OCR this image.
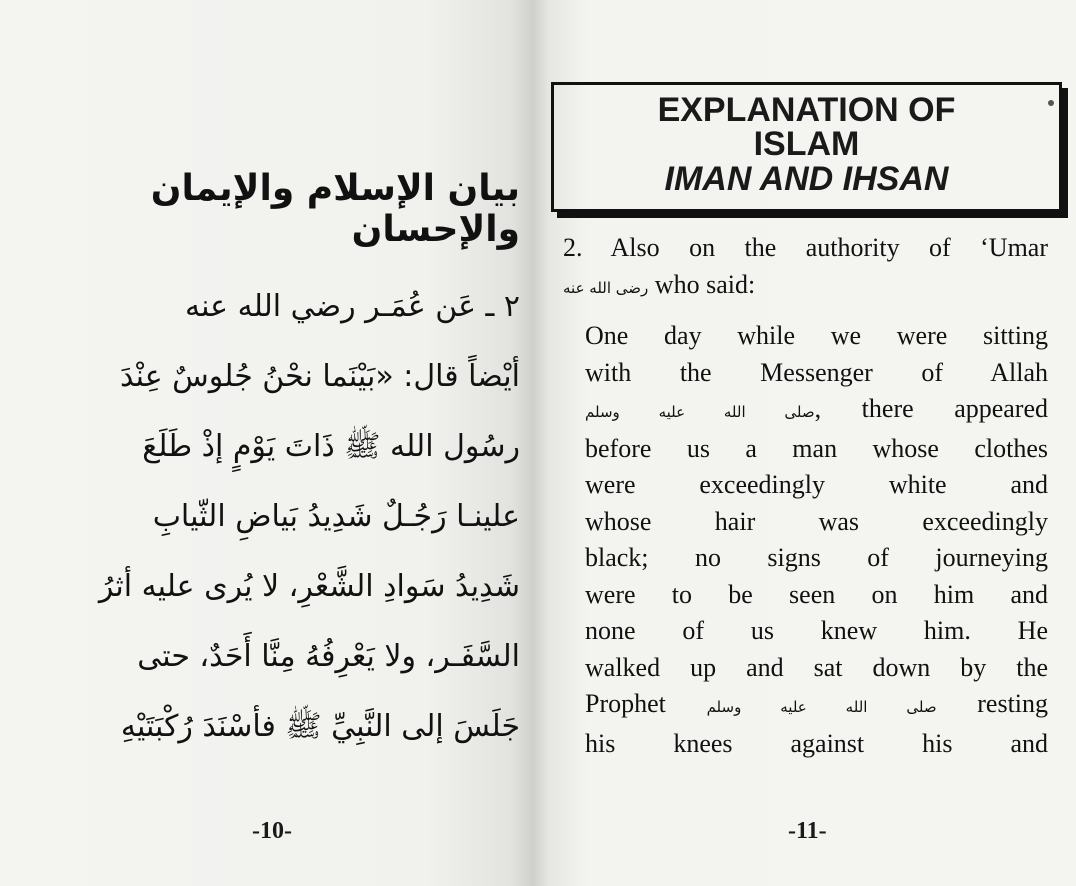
بيان الإسلام والإيمان والإحسان
٢ ـ عَن عُمَـر رضي الله عنه
أيْضاً قال: «بَيْنَما نحْنُ جُلوسٌ عِنْدَ
رسُول الله ﷺ ذَاتَ يَوْمٍ إذْ طَلَعَ
علينـا رَجُـلٌ شَدِيدُ بَياضِ الثّيابِ
شَدِيدُ سَوادِ الشَّعْرِ، لا يُرى عليه أثرُ
السَّفَـر، ولا يَعْرِفُهُ مِنَّا أَحَدٌ، حتى
جَلَسَ إلى النَّبِيِّ ﷺ فأسْنَدَ رُكْبَتَيْهِ

-10-

EXPLANATION OF
ISLAM
IMAN AND IHSAN

2. Also on the authority of ‘Umar

رضى الله عنه who said:

One day while we were sitting

with the Messenger of Allah

صلى الله عليه وسلم, there appeared

before us a man whose clothes

were exceedingly white and

whose hair was exceedingly

black; no signs of journeying

were to be seen on him and

none of us knew him. He

walked up and sat down by the

Prophet صلى الله عليه وسلم resting

his knees against his and

-11-
